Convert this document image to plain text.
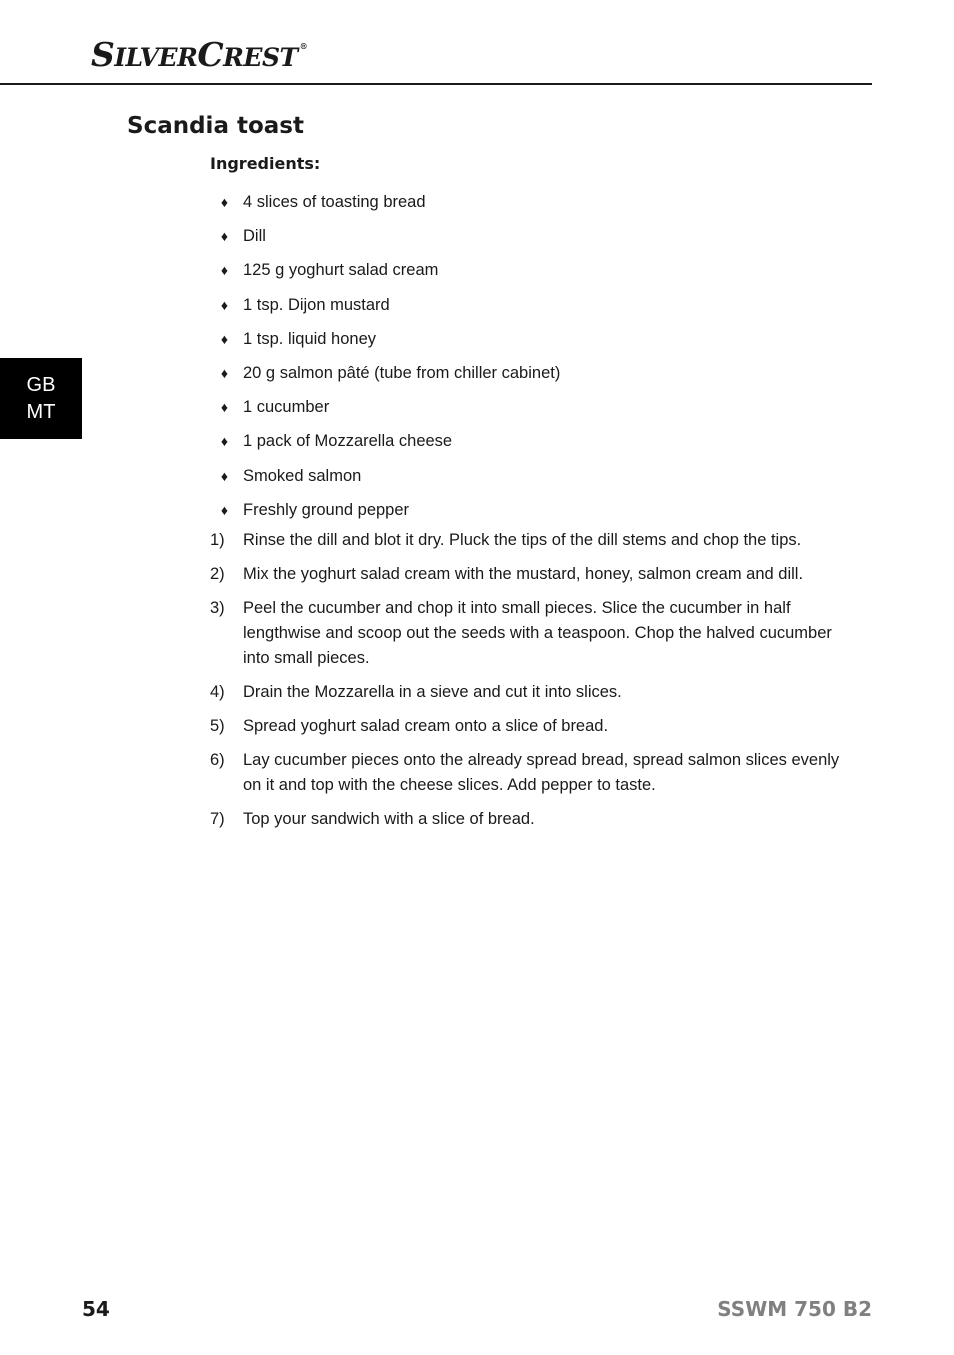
SILVERCREST ®
GB
MT
Scandia toast
Ingredients:
♦ 4 slices of toasting bread
♦ Dill
♦ 125 g yoghurt salad cream
♦ 1 tsp. Dijon mustard
♦ 1 tsp. liquid honey
♦ 20 g salmon pâté (tube from chiller cabinet)
♦ 1 cucumber
♦ 1 pack of Mozzarella cheese
♦ Smoked salmon
♦ Freshly ground pepper
1)	Rinse the dill and blot it dry. Pluck the tips of the dill stems and chop the tips.
2)	Mix the yoghurt salad cream with the mustard, honey, salmon cream and dill.
3)	Peel the cucumber and chop it into small pieces. Slice the cucumber in half lengthwise and scoop out the seeds with a teaspoon. Chop the halved cucumber into small pieces.
4)	Drain the Mozzarella in a sieve and cut it into slices.
5)	Spread yoghurt salad cream onto a slice of bread.
6)	Lay cucumber pieces onto the already spread bread, spread salmon slices evenly on it and top with the cheese slices. Add pepper to taste.
7)	Top your sandwich with a slice of bread.
54	SSWM 750 B2
